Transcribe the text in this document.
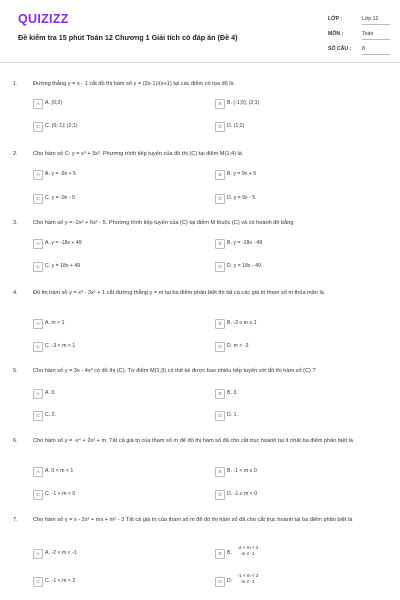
QUIZIZZ
Đề kiểm tra 15 phút Toán 12 Chương 1 Giải tích có đáp án (Đề 4)
LỚP :	Lớp 12
MÔN :	Toán
SỐ CÂU : 8
1.	Đường thẳng y = x - 1 cắt đồ thị hàm số y = (2x-1)/(x+1) tại các điểm có tọa độ là
A	A. (0;2)	B	B. (-1;0); (2;1)
C	C. (0;-1); (2;1)	D	D. (1;2)
2.	Cho hàm số C: y = x³ + 3x². Phương trình tiếp tuyến của đồ thị (C) tại điểm M(1;4) là
A	A. y = -9x + 5	B	B. y = 9x + 5
C	C. y = -9x - 5	D	D. y = 9x - 5
3.	Cho hàm số y = -2x³ + 6x² - 5. Phương trình tiếp tuyến của (C) tại điểm M thuộc (C) và có hoành độ bằng
A	A. y = -18x + 49	B	B. y = -18x - 49
C	C. y = 18x + 49	D	D. y = 18x - 49
4.	Đồ thị hàm số y = x³ - 3x² + 1 cắt đường thẳng y = m tại ba điểm phân biệt thì tất cả các giá trị tham số m thỏa mãn là
A	A. m > 1	B	B. -3 ≤ m ≤ 1
C	C. -3 < m < 1	D	D. m < -3
5.	Cho hàm số y = 3x - 4x³ có đồ thị (C). Từ điểm M(1;3) có thể kẻ được bao nhiêu tiếp tuyến với đồ thị hàm số (C) ?
A	A. 0.	B	B. 3.
C	C. 2.	D	D. 1.
6.	Cho hàm số y = -x⁴ + 2x² + m. Tất cả giá trị của tham số m để đồ thị hàm số đã cho cắt trục hoành tại ít nhất ba điểm phân biệt là
A	A. 0 < m < 1	B	B. -1 < m ≤ 0
C	C. -1 < m < 0	D	D. -1 ≤ m < 0
7.	Cho hàm số y = x - 2x² + mx + m² - 3 Tất cả giá trị của tham số m để đồ thị hàm số đã cho cắt trục hoành tại ba điểm phân biệt là
A	A. -2 < m < -1	B	B.
-2 < m < 2
m ≠ -1
C	C. -1 < m < 2	D	D.
-1 < m < 2
m ≠ -1
